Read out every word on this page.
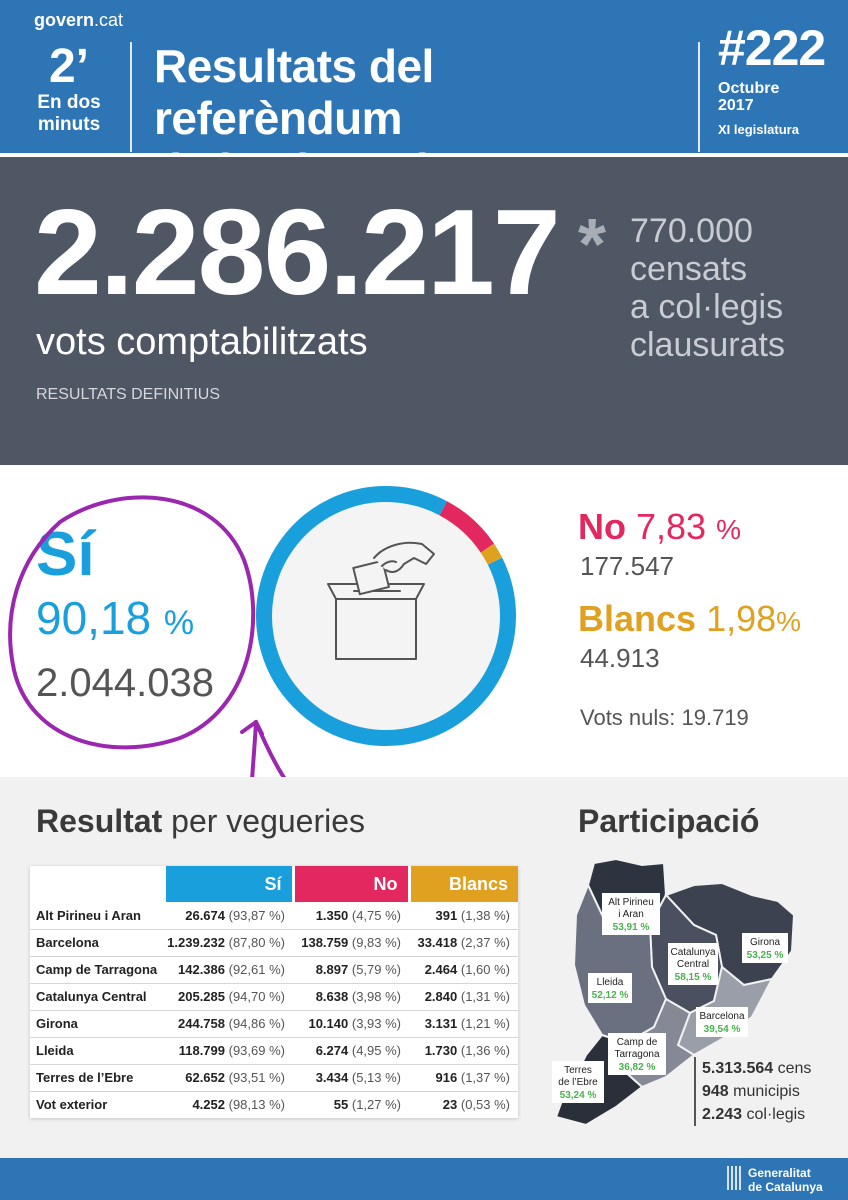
govern.cat
2’
En dos
minuts
Resultats del referèndum
#222
Octubre
2017
XI legislatura
2.286.217
vots comptabilitzats
RESULTATS DEFINITIUS
* 770.000
censats
a col·legis
clausurats
Sí
90,18 %
2.044.038
No 7,83 %
177.547
Blancs 1,98%
44.913
Vots nuls: 19.719
Resultat per vegueries	Participació
	Sí	No	Blancs
Alt Pirineu i Aran	26.674 (93,87 %)	1.350 (4,75 %)	391 (1,38 %)
Barcelona	1.239.232 (87,80 %)	138.759 (9,83 %)	33.418 (2,37 %)
Camp de Tarragona	142.386 (92,61 %)	8.897 (5,79 %)	2.464 (1,60 %)
Catalunya Central	205.285 (94,70 %)	8.638 (3,98 %)	2.840 (1,31 %)
Girona	244.758 (94,86 %)	10.140 (3,93 %)	3.131 (1,21 %)
Lleida	118.799 (93,69 %)	6.274 (4,95 %)	1.730 (1,36 %)
Terres de l’Ebre	62.652 (93,51 %)	3.434 (5,13 %)	916 (1,37 %)
Vot exterior	4.252 (98,13 %)	55 (1,27 %)	23 (0,53 %)
Alt Pirineu
i Aran
53,91 %
Girona
53,25 %
Catalunya
Central
58,15 %
Lleida
52,12 %
Barcelona
39,54 %
Camp de
Tarragona
36,82 %
Terres
de l’Ebre
53,24 %
5.313.564 cens
948 municipis
2.243 col·legis
Generalitat
de Catalunya
